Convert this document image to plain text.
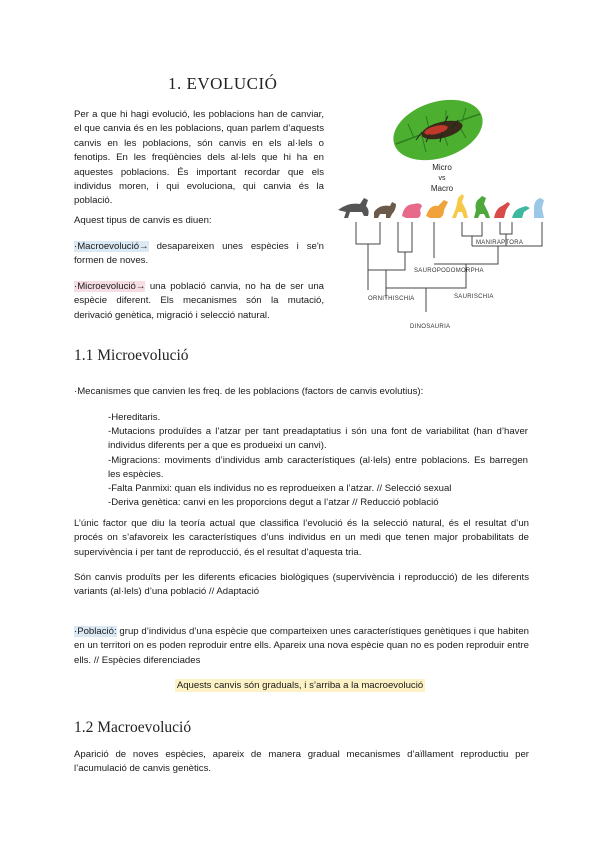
1. EVOLUCIÓ
Per a que hi hagi evolució, les poblacions han de canviar, el que canvia és en les poblacions, quan parlem d’aquests canvis en les poblacions, són canvis en els al·lels o fenotips. En les freqüències dels al·lels que hi ha en aquestes poblacions. És important recordar que els individus moren, i qui evoluciona, qui canvia és la població.
Aquest tipus de canvis es diuen:
·Macroevolució→ desapareixen unes espècies i se'n formen de noves.
·Microevolució→ una població canvia, no ha de ser una espècie diferent. Els mecanismes són la mutació, derivació genètica, migració i selecció natural.
Micro
vs
Macro
MANIRAPTORA
SAUROPODOMORPHA
ORNITHISCHIA	SAURISCHIA
DINOSAURIA
1.1 Microevolució
·Mecanismes que canvien les freq. de les poblacions (factors de canvis evolutius):
-Hereditaris.
-Mutacions produïdes a l’atzar per tant preadaptatius i són una font de variabilitat (han d’haver individus diferents per a que es produeixi un canvi).
-Migracions: moviments d’individus amb característiques (al·lels) entre poblacions. Es barregen les espècies.
-Falta Panmixi: quan els individus no es reprodueixen a l’atzar. // Selecció sexual
-Deriva genètica: canvi en les proporcions degut a l’atzar // Reducció població
L’únic factor que diu la teoría actual que classifica l’evolució és la selecció natural, és el resultat d’un procés on s’afavoreix les característiques d’uns individus en un medi que tenen major probabilitats de supervivència i per tant de reproducció, és el resultat d’aquesta tria.
Són canvis produïts per les diferents eficacies biològiques (supervivència i reproducció) de les diferents variants (al·lels) d’una població // Adaptació
·Població: grup d’individus d’una espècie que comparteixen unes característiques genètiques i que habiten en un territori on es poden reproduir entre ells. Apareix una nova espècie quan no es poden reproduir entre ells. // Espècies diferenciades
Aquests canvis són graduals, i s’arriba a la macroevolució
1.2 Macroevolució
Aparició de noves espècies, apareix de manera gradual mecanismes d’aïllament reproductiu per l’acumulació de canvis genètics.
